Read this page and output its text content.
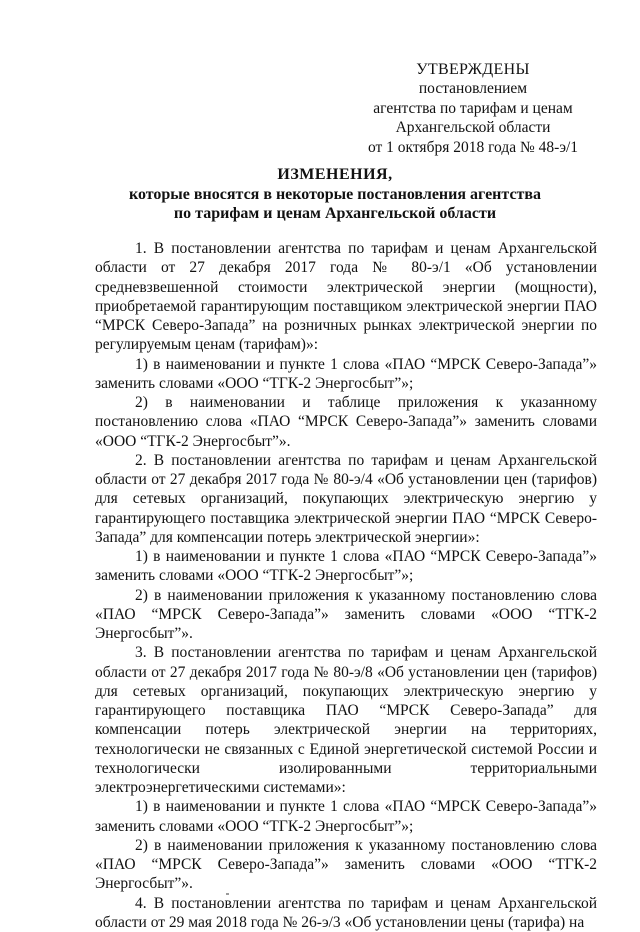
УТВЕРЖДЕНЫ
постановлением
агентства по тарифам и ценам
Архангельской области
от 1 октября 2018 года № 48-э/1
ИЗМЕНЕНИЯ,
которые вносятся в некоторые постановления агентства
по тарифам и ценам Архангельской области

1. В постановлении агентства по тарифам и ценам Архангельской области от 27 декабря 2017 года № 80-э/1 «Об установлении средневзвешенной стоимости электрической энергии (мощности), приобретаемой гарантирующим поставщиком электрической энергии ПАО “МРСК Северо-Запада” на розничных рынках электрической энергии по регулируемым ценам (тарифам)»:

1) в наименовании и пункте 1 слова «ПАО “МРСК Северо-Запада”» заменить словами «ООО “ТГК-2 Энергосбыт”»;

2) в наименовании и таблице приложения к указанному постановлению слова «ПАО “МРСК Северо-Запада”» заменить словами «ООО “ТГК-2 Энергосбыт”».

2. В постановлении агентства по тарифам и ценам Архангельской области от 27 декабря 2017 года № 80-э/4 «Об установлении цен (тарифов) для сетевых организаций, покупающих электрическую энергию у гарантирующего поставщика электрической энергии ПАО “МРСК Северо-Запада” для компенсации потерь электрической энергии»:

1) в наименовании и пункте 1 слова «ПАО “МРСК Северо-Запада”» заменить словами «ООО “ТГК-2 Энергосбыт”»;

2) в наименовании приложения к указанному постановлению слова «ПАО “МРСК Северо-Запада”» заменить словами «ООО “ТГК-2 Энергосбыт”».

3. В постановлении агентства по тарифам и ценам Архангельской области от 27 декабря 2017 года № 80-э/8 «Об установлении цен (тарифов) для сетевых организаций, покупающих электрическую энергию у гарантирующего поставщика ПАО “МРСК Северо-Запада” для компенсации потерь электрической энергии на территориях, технологически не связанных с Единой энергетической системой России и технологически изолированными территориальными электроэнергетическими системами»:

1) в наименовании и пункте 1 слова «ПАО “МРСК Северо-Запада”» заменить словами «ООО “ТГК-2 Энергосбыт”»;

2) в наименовании приложения к указанному постановлению слова «ПАО “МРСК Северо-Запада”» заменить словами «ООО “ТГК-2 Энергосбыт”».

4. В постановлении агентства по тарифам и ценам Архангельской области от 29 мая 2018 года № 26-э/3 «Об установлении цены (тарифа) на
